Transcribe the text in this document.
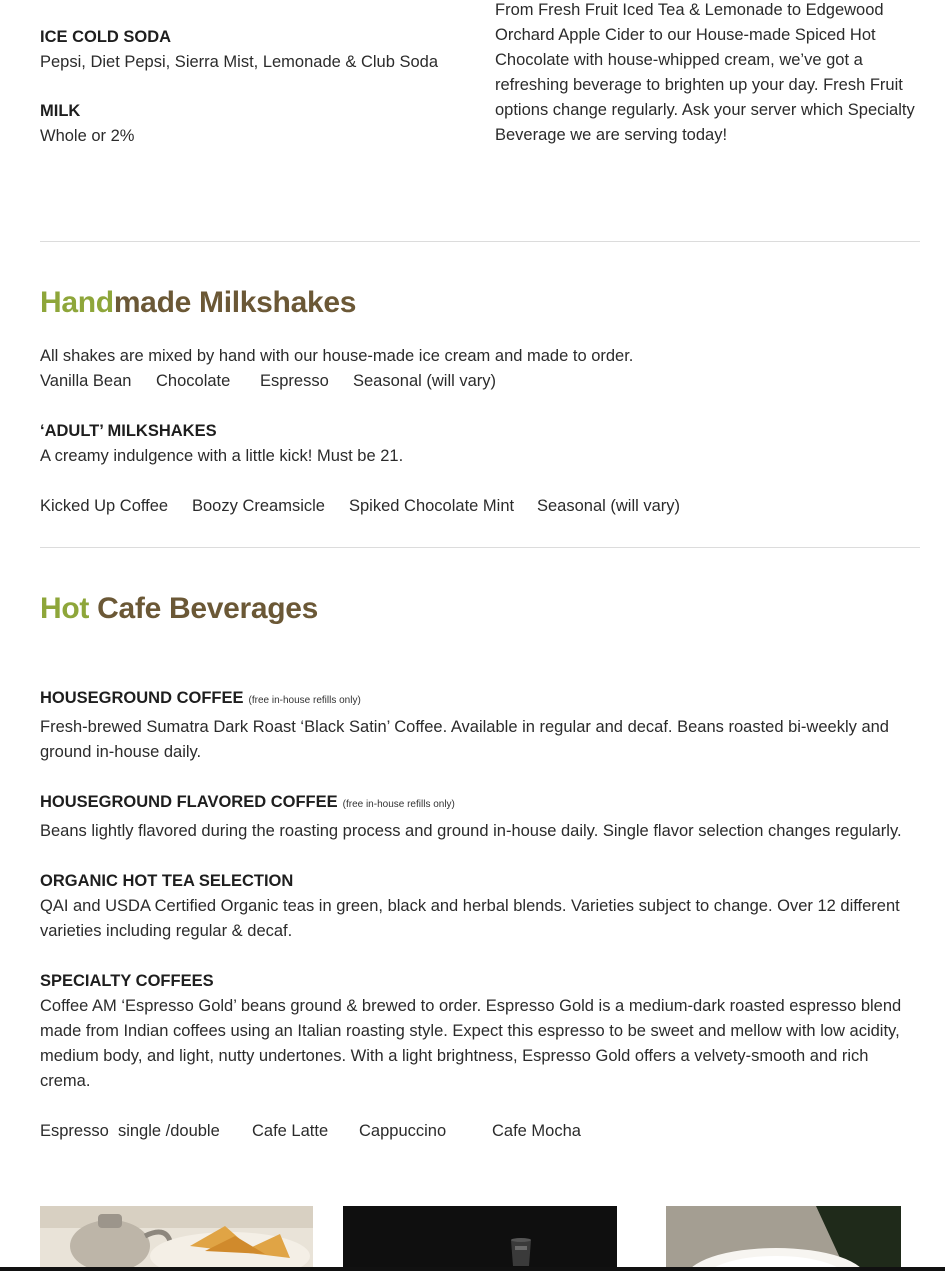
ICE COLD SODA
Pepsi, Diet Pepsi, Sierra Mist, Lemonade & Club Soda
MILK
Whole or 2%

From Fresh Fruit Iced Tea & Lemonade to Edgewood Orchard Apple Cider to our House-made Spiced Hot Chocolate with house-whipped cream, we’ve got a refreshing beverage to brighten up your day. Fresh Fruit options change regularly. Ask your server which Specialty Beverage we are serving today!

Handmade Milkshakes
All shakes are mixed by hand with our house-made ice cream and made to order.
Vanilla Bean	Chocolate	Espresso	Seasonal (will vary)
‘ADULT’ MILKSHAKES
A creamy indulgence with a little kick! Must be 21.
Kicked Up Coffee	Boozy Creamsicle	Spiked Chocolate Mint	Seasonal (will vary)
Hot Cafe Beverages
HOUSEGROUND COFFEE (free in-house refills only)

Fresh-brewed Sumatra Dark Roast ‘Black Satin’ Coffee. Available in regular and decaf. Beans roasted bi-weekly and ground in-house daily.

HOUSEGROUND FLAVORED COFFEE (free in-house refills only)

Beans lightly flavored during the roasting process and ground in-house daily. Single flavor selection changes regularly.

ORGANIC HOT TEA SELECTION

QAI and USDA Certified Organic teas in green, black and herbal blends. Varieties subject to change. Over 12 different varieties including regular & decaf.

SPECIALTY COFFEES

Coffee AM ‘Espresso Gold’ beans ground & brewed to order. Espresso Gold is a medium-dark roasted espresso blend made from Indian coffees using an Italian roasting style. Expect this espresso to be sweet and mellow with low acidity, medium body, and light, nutty undertones. With a light brightness, Espresso Gold offers a velvety-smooth and rich crema.

Espresso  single /double	Cafe Latte	Cappuccino	Cafe Mocha
